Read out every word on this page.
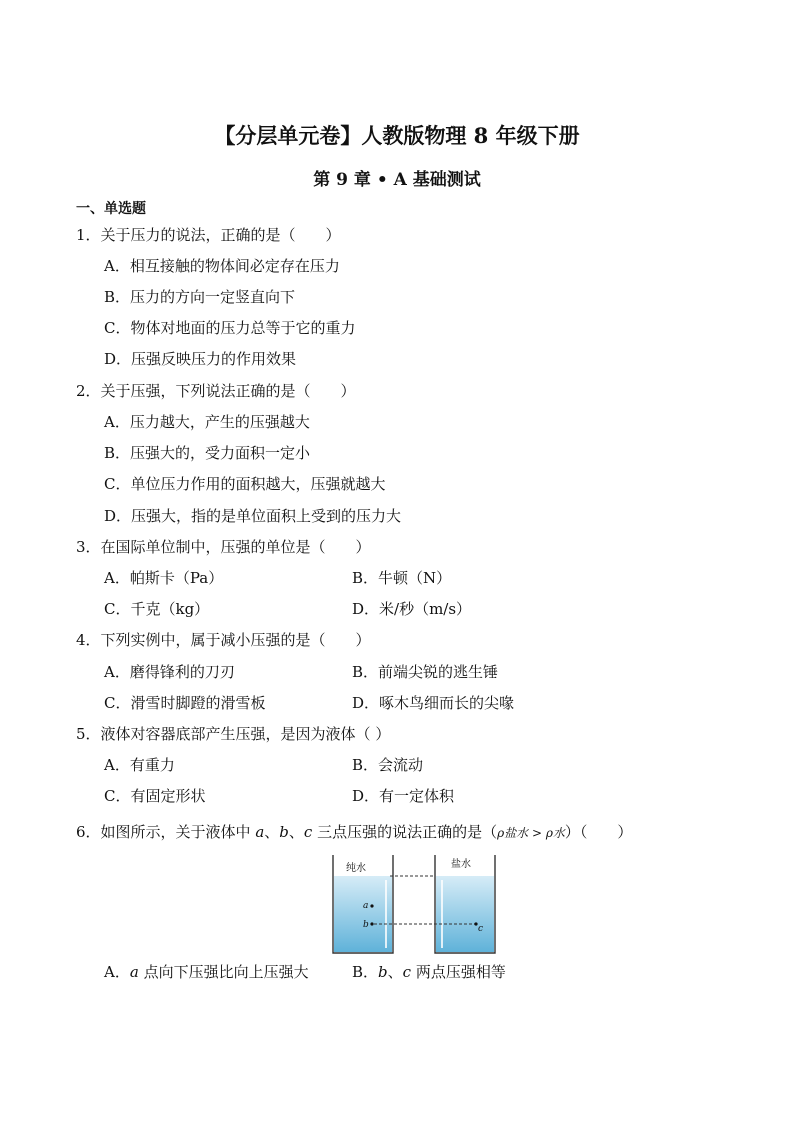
【分层单元卷】人教版物理 8 年级下册
第 9 章 • A 基础测试
一、单选题
1．关于压力的说法，正确的是（　　）
A．相互接触的物体间必定存在压力
B．压力的方向一定竖直向下
C．物体对地面的压力总等于它的重力
D．压强反映压力的作用效果
2．关于压强，下列说法正确的是（　　）
A．压力越大，产生的压强越大
B．压强大的，受力面积一定小
C．单位压力作用的面积越大，压强就越大
D．压强大，指的是单位面积上受到的压力大
3．在国际单位制中，压强的单位是（　　）
A．帕斯卡（Pa）	B．牛顿（N）
C．千克（kg）	D．米/秒（m/s）
4．下列实例中，属于减小压强的是（　　）
A．磨得锋利的刀刃	B．前端尖锐的逃生锤
C．滑雪时脚蹬的滑雪板	D．啄木鸟细而长的尖喙
5．液体对容器底部产生压强，是因为液体（ ）
A．有重力	B．会流动
C．有固定形状	D．有一定体积
6．如图所示，关于液体中 a、b、c 三点压强的说法正确的是（ρ盐水 > ρ水）（　　）
纯水	盐水
a
b	c
A．a 点向下压强比向上压强大	B．b、c 两点压强相等
